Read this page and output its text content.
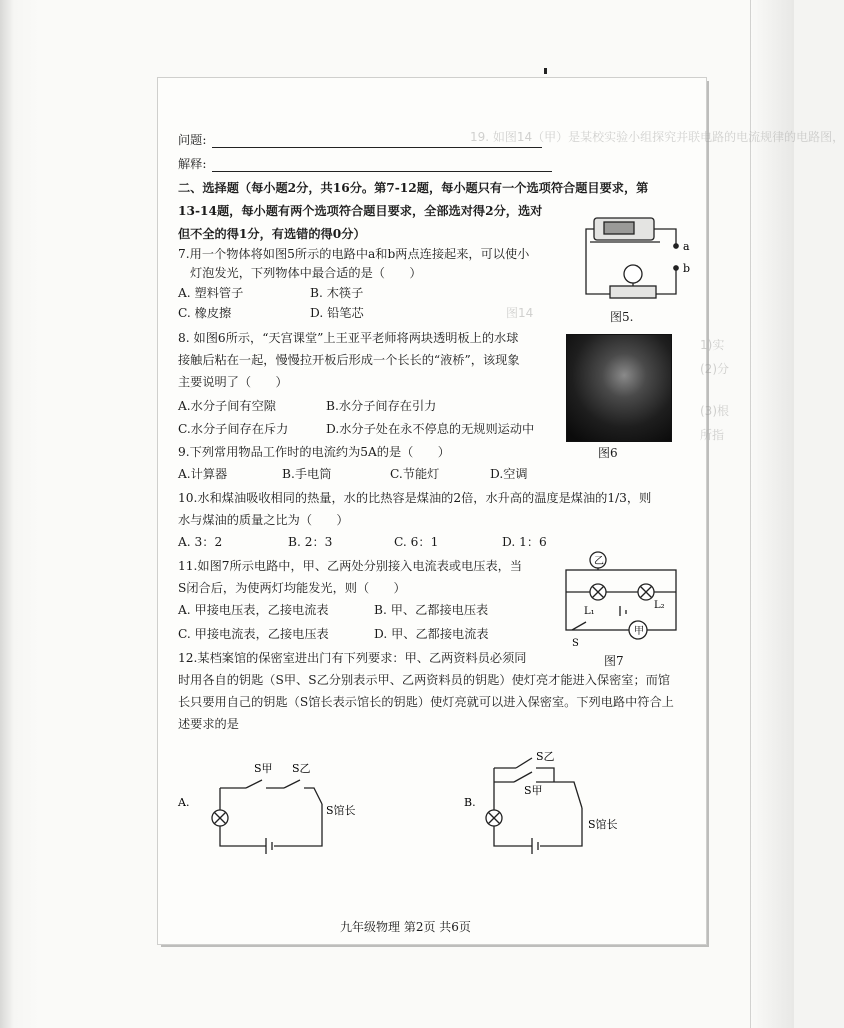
19. 如图14（甲）是某校实验小组探究并联电路的电流规律的电路图，
1)实
(2)分
(3)根
所指
图14
问题:
解释:
二、选择题（每小题2分，共16分。第7-12题，每小题只有一个选项符合题目要求，第
13-14题，每小题有两个选项符合题目要求，全部选对得2分，选对
但不全的得1分，有选错的得0分）
7.用一个物体将如图5所示的电路中a和b两点连接起来，可以使小
灯泡发光，下列物体中最合适的是（　　）
A. 塑料管子	B. 木筷子
C. 橡皮擦	D. 铅笔芯
a
b
图5.
8. 如图6所示，“天宫课堂”上王亚平老师将两块透明板上的水球
接触后粘在一起，慢慢拉开板后形成一个长长的“液桥”，该现象
主要说明了（　　）
A.水分子间有空隙	B.水分子间存在引力
C.水分子间存在斥力	D.水分子处在永不停息的无规则运动中
图6
9.下列常用物品工作时的电流约为5A的是（　　）
A.计算器	B.手电筒	C.节能灯	D.空调
10.水和煤油吸收相同的热量，水的比热容是煤油的2倍，水升高的温度是煤油的1/3，则
水与煤油的质量之比为（　　）
A. 3：2	B. 2：3	C. 6：1	D. 1：6
11.如图7所示电路中，甲、乙两处分别接入电流表或电压表，当
S闭合后，为使两灯均能发光，则（　　）
A. 甲接电压表，乙接电流表	B. 甲、乙都接电压表
C. 甲接电流表，乙接电压表	D. 甲、乙都接电流表
乙
甲
L₁
L₂
S
图7
12.某档案馆的保密室进出门有下列要求：甲、乙两资料员必须同
时用各自的钥匙（S甲、S乙分别表示甲、乙两资料员的钥匙）使灯亮才能进入保密室；而馆
长只要用自己的钥匙（S馆长表示馆长的钥匙）使灯亮就可以进入保密室。下列电路中符合上
述要求的是
A.
S甲 S乙
S馆长
B.
S乙
S甲
S馆长
九年级物理 第2页 共6页
